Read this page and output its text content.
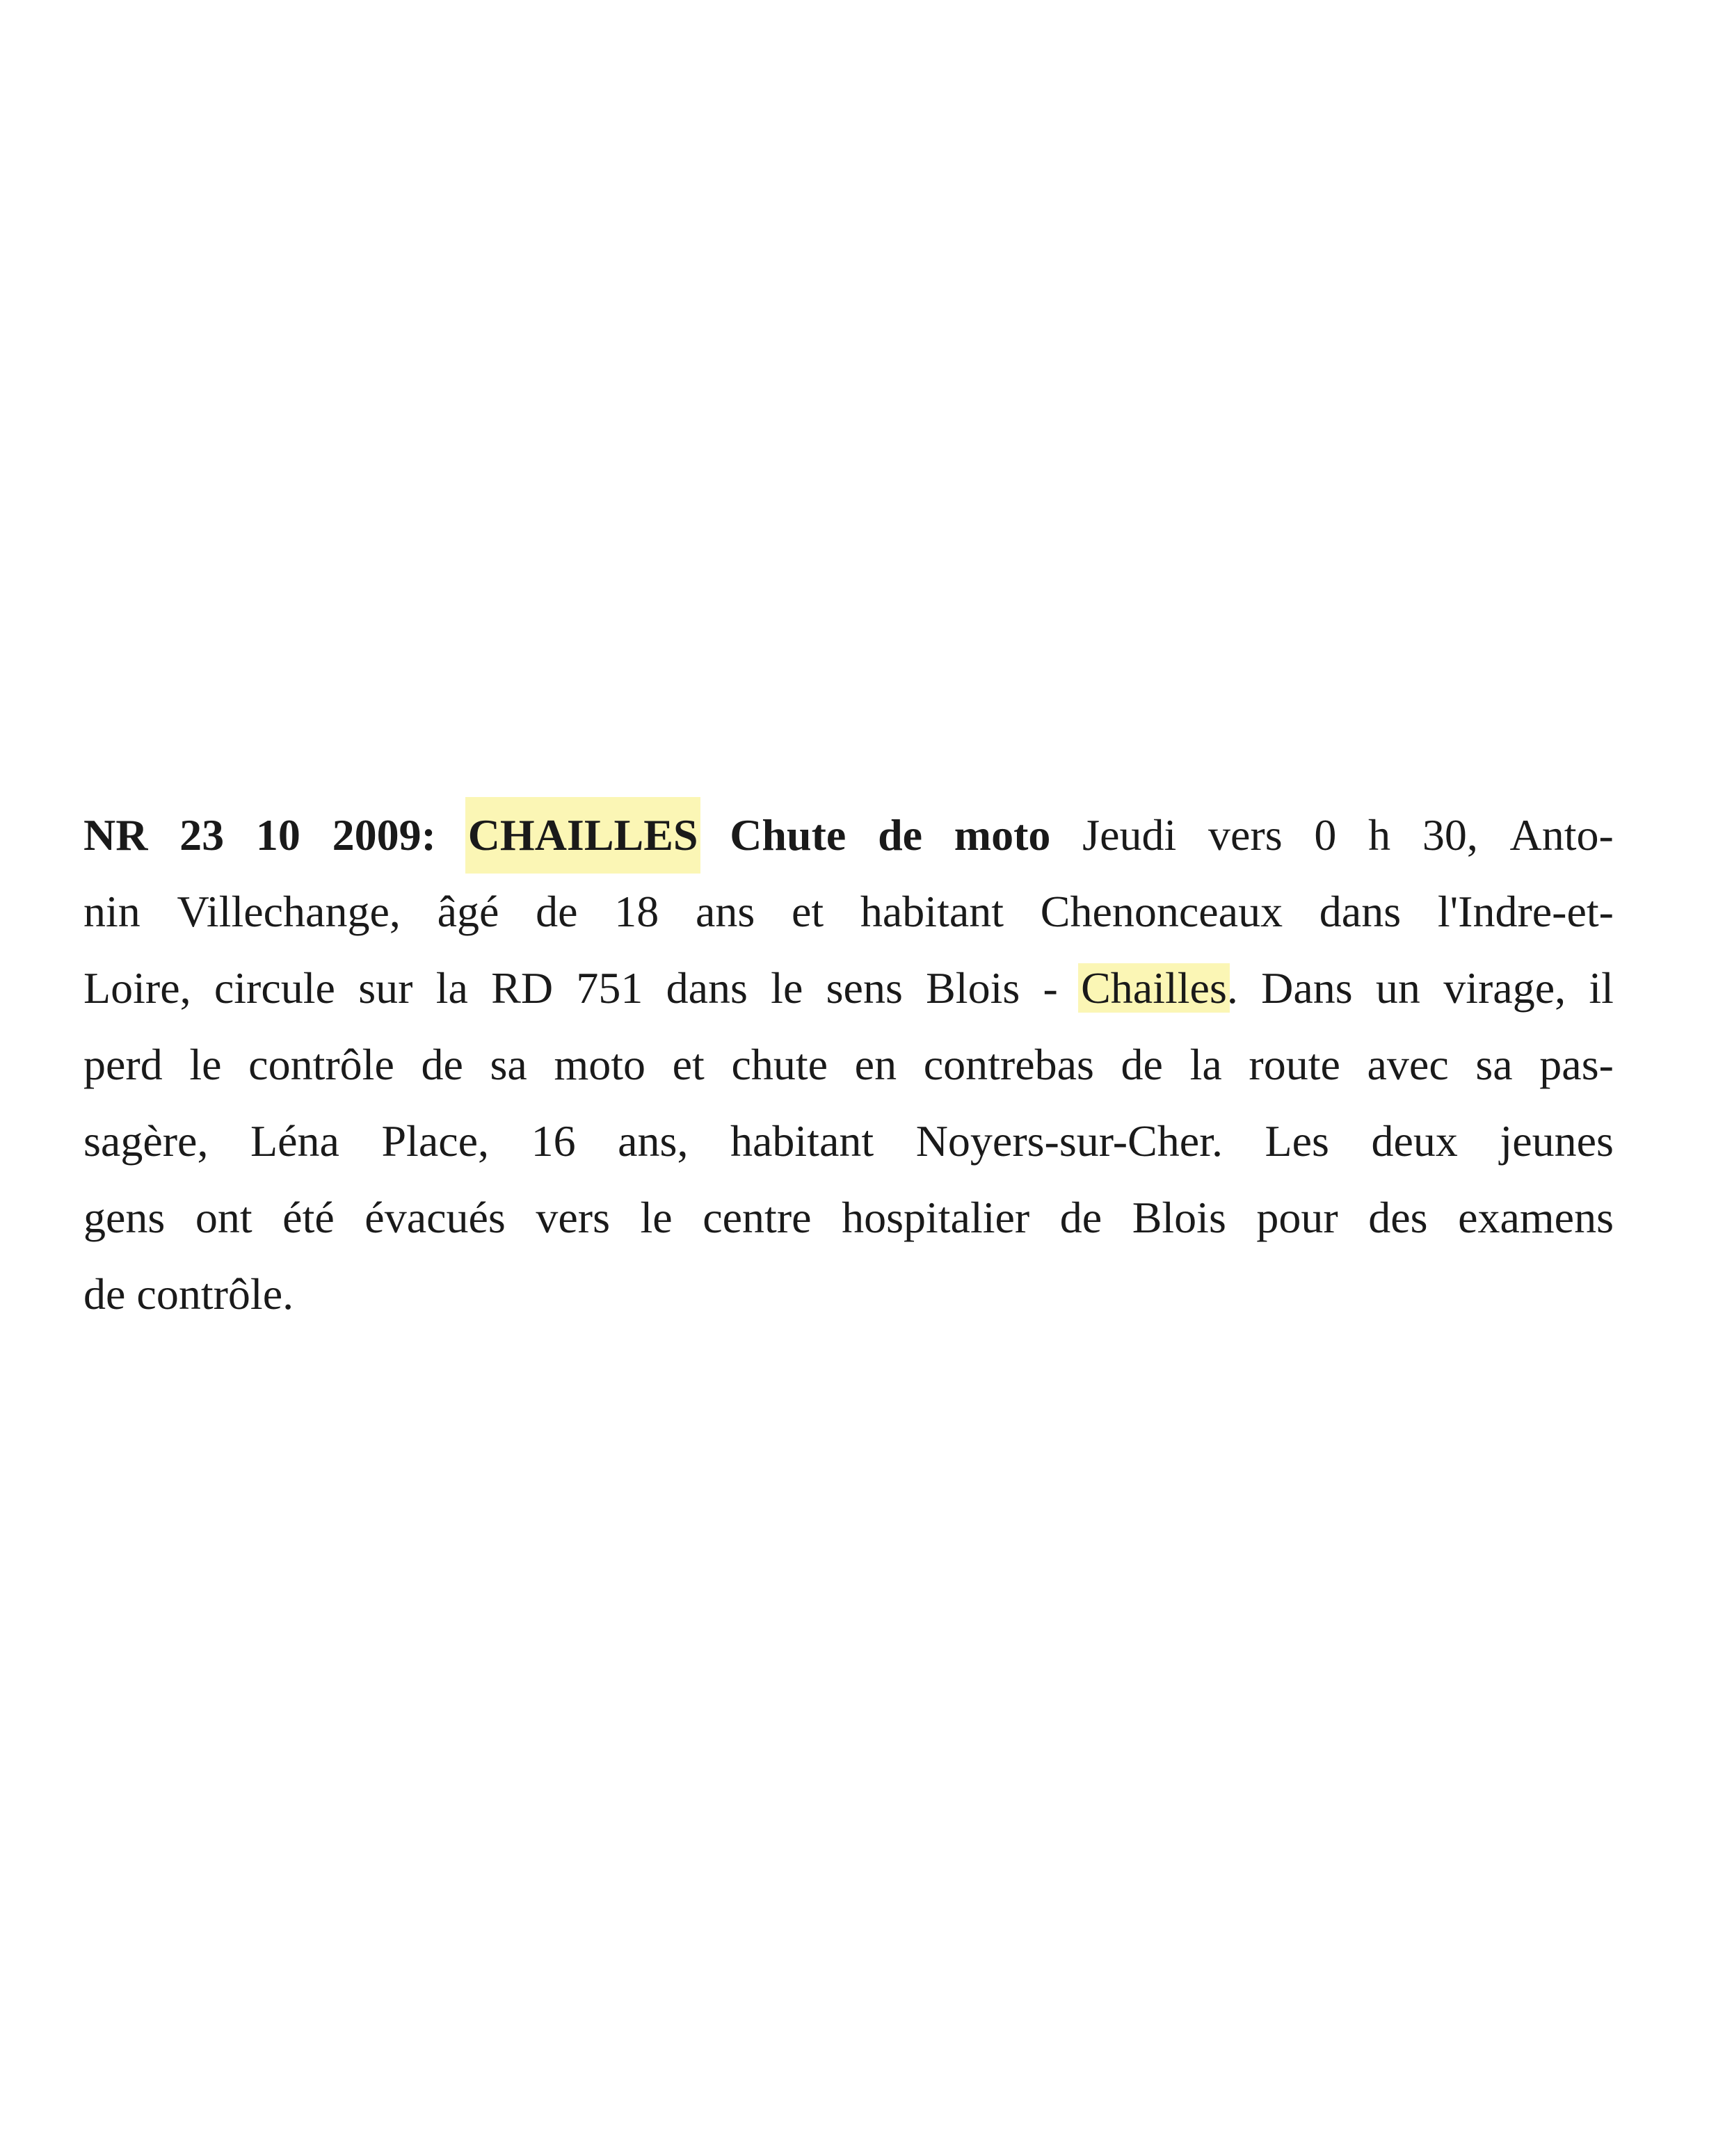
NR 23 10 2009: CHAILLES Chute de moto Jeudi vers 0 h 30, Anto-
nin Villechange, âgé de 18 ans et habitant Chenonceaux dans l'Indre-et-
Loire, circule sur la RD 751 dans le sens Blois - Chailles. Dans un virage, il
perd le contrôle de sa moto et chute en contrebas de la route avec sa pas-
sagère, Léna Place, 16 ans, habitant Noyers-sur-Cher. Les deux jeunes
gens ont été évacués vers le centre hospitalier de Blois pour des examens
de
contrôle.
